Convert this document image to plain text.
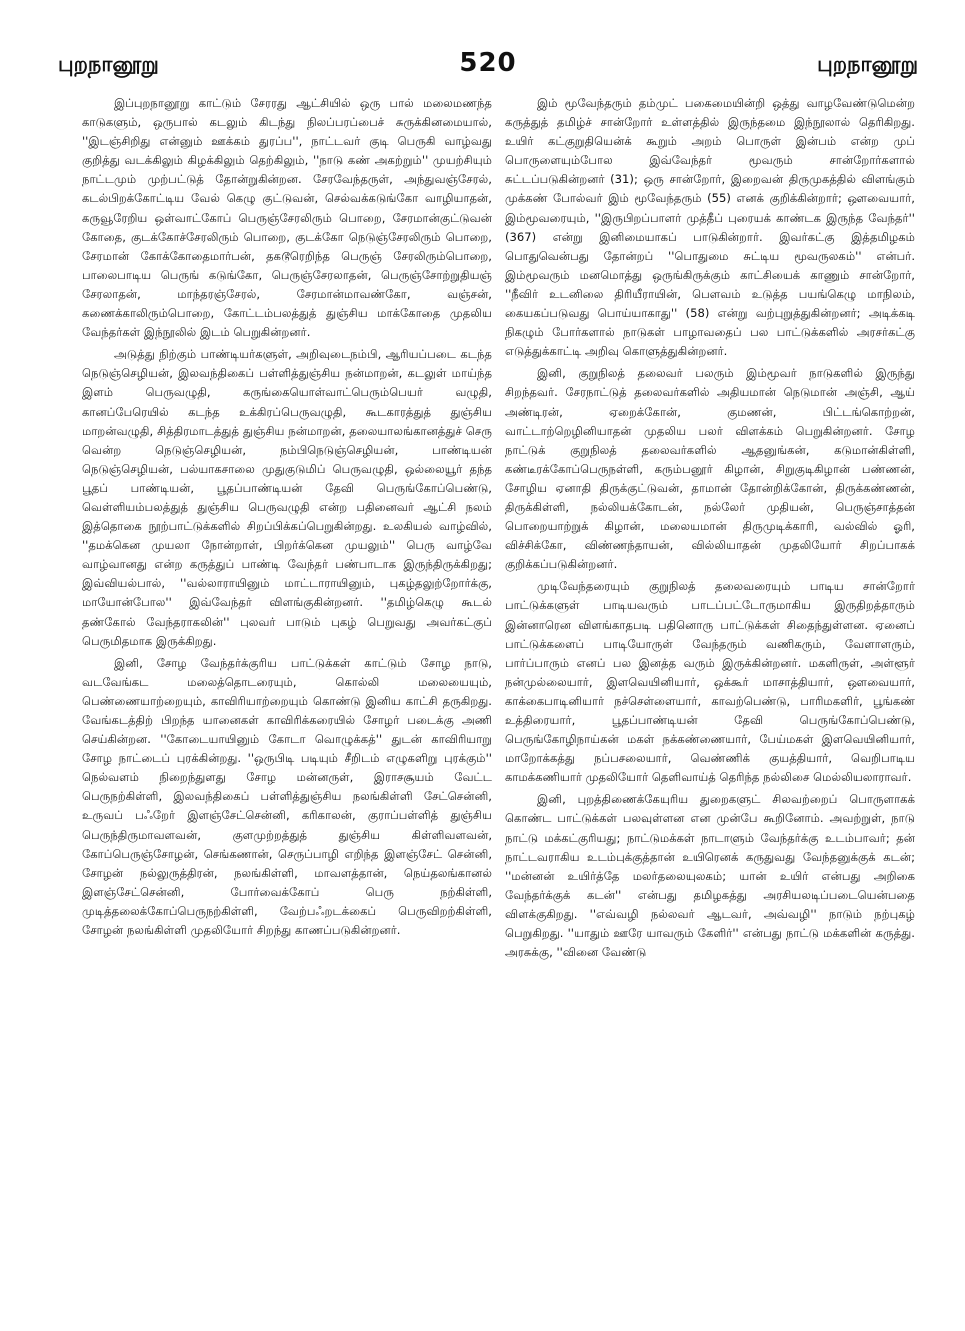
புறநானூறு	520	புறநானூறு

இப்புறநானூறு காட்டும் சேரரது ஆட்சியில் ஒரு பால் மலைமணந்த காடுகளும், ஒருபால் கடலும் கிடந்து நிலப்பரப்பைச் சுருக்கினமையால், ''இடஞ்சிறிது என்னும் ஊக்கம் துரப்ப'', நாட்டவர் குடி பெருகி வாழ்வது குறித்து வடக்கிலும் கிழக்கிலும் தெற்கிலும், ''நாடு கண் அகற்றும்'' முயற்சியும் நாட்டமும் முற்பட்டுத் தோன்றுகின்றன. சேரவேந்தருள், அந்துவஞ்சேரல், கடல்பிறக்கோட்டிய வேல் கெழு குட்டுவன், செல்வக்கடுங்கோ வாழியாதன், கருவூரேறிய ஒள்வாட்கோப் பெருஞ்சேரலிரும் பொறை, சேரமான்குட்டுவன் கோதை, குடக்கோச்சேரலிரும் பொறை, குடக்கோ நெடுஞ்சேரலிரும் பொறை, சேரமான் கோக்கோதைமார்பன், தகடூரெறிந்த பெருஞ் சேரலிரும்பொறை, பாலைபாடிய பெருங் கடுங்கோ, பெருஞ்சேரலாதன், பெருஞ்சோற்றுதியஞ் சேரலாதன், மாந்தரஞ்சேரல், சேரமான்மாவண்கோ, வஞ்சன், கணைக்காலிரும்பொறை, கோட்டம்பலத்துத் துஞ்சிய மாக்கோதை முதலிய வேந்தர்கள் இந்நூலில் இடம் பெறுகின்றனர்.

அடுத்து நிற்கும் பாண்டியர்களுள், அறிவுடைநம்பி, ஆரியப்படை கடந்த நெடுஞ்செழியன், இலவந்திகைப் பள்ளித்துஞ்சிய நன்மாறன், கடலுள் மாய்ந்த இளம் பெருவழுதி, கருங்கையொள்வாட்பெரும்பெயர் வழுதி, கானப்பேரெயில் கடந்த உக்கிரப்பெருவழுதி, கூடகாரத்துத் துஞ்சிய மாறன்வழுதி, சித்திரமாடத்துத் துஞ்சிய நன்மாறன், தலையாலங்கானத்துச் செரு வென்ற நெடுஞ்செழியன், நம்பிநெடுஞ்செழியன், பாண்டியன் நெடுஞ்செழியன், பல்யாகசாலை முதுகுடுமிப் பெருவழுதி, ஒல்லையூர் தந்த பூதப் பாண்டியன், பூதப்பாண்டியன் தேவி பெருங்கோப்பெண்டு, வெள்ளியம்பலத்துத் துஞ்சிய பெருவழுதி என்ற பதினைவர் ஆட்சி நலம் இத்தொகை நூற்பாட்டுக்களில் சிறப்பிக்கப்பெறுகின்றது. உலகியல் வாழ்வில், ''தமக்கென முயலா நோன்றாள், பிறர்க்கென முயலும்'' பெரு வாழ்வே வாழ்வானது என்ற கருத்துப் பாண்டி வேந்தர் பண்பாடாக இருந்திருக்கிறது; இவ்வியல்பால், ''வல்லாராயினும் மாட்டாராயினும், புகழ்தலுற்றோர்க்கு, மாயோன்போல'' இவ்வேந்தர் விளங்குகின்றனர். ''தமிழ்கெழு கூடல் தண்கோல் வேந்தராகலின்'' புலவர் பாடும் புகழ் பெறுவது அவர்கட்குப் பெருமிதமாக இருக்கிறது.

இனி, சோழ வேந்தர்க்குரிய பாட்டுக்கள் காட்டும் சோழ நாடு, வடவேங்கட மலைத்தொடரையும், கொல்லி மலையையும், பெண்ணையாற்றையும், காவிரியாற்றையும் கொண்டு இனிய காட்சி தருகிறது. வேங்கடத்திற் பிறந்த யானைகள் காவிரிக்கரையில் சோழர் படைக்கு அணி செய்கின்றன. ''கோடையாயினும் கோடா வொழுக்கத்'' துடன் காவிரியாறு சோழ நாட்டைப் புரக்கின்றது. ''ஒருபிடி படியும் சீறிடம் எழுகளிறு புரக்கும்'' நெல்வளம் நிறைந்துளது சோழ மன்னருள், இராசசூயம் வேட்ட பெருநற்கிள்ளி, இலவந்திகைப் பள்ளித்துஞ்சிய நலங்கிள்ளி சேட்சென்னி, உருவப் பஃறேர் இளஞ்சேட்சென்னி, கரிகாலன், குராப்பள்ளித் துஞ்சிய பெருந்திருமாவளவன், குளமுற்றத்துத் துஞ்சிய கிள்ளிவளவன், கோப்பெருஞ்சோழன், செங்கணான், செருப்பாழி எறிந்த இளஞ்சேட் சென்னி, சோழன் நல்லுருத்திரன், நலங்கிள்ளி, மாவளத்தான், நெய்தலங்கானல் இளஞ்சேட்சென்னி, போர்வைக்கோப் பெரு நற்கிள்ளி, முடித்தலைக்கோப்பெருநற்கிள்ளி, வேற்பஃறடக்கைப் பெருவிறற்கிள்ளி, சோழன் நலங்கிள்ளி முதலியோர் சிறந்து காணப்படுகின்றனர்.

இம் மூவேந்தரும் தம்முட் பகைமையின்றி ஒத்து வாழவேண்டுமென்ற கருத்துத் தமிழ்ச் சான்றோர் உள்ளத்தில் இருந்தமை இந்நூலால் தெரிகிறது. உயிர் கட்குறுதியென்க் கூறும் அறம் பொருள் இன்பம் என்ற முப் பொருளையும்போல இவ்வேந்தர் மூவரும் சான்றோர்களால் சுட்டப்படுகின்றனர் (31); ஒரு சான்றோர், இறைவன் திருமுகத்தில் விளங்கும் முக்கண் போல்வர் இம் மூவேந்தரும் (55) எனக் குறிக்கின்றார்; ஔவையார், இம்மூவரையும், ''இருபிறப்பாளர் முத்தீப் புரையக் காண்டக இருந்த வேந்தர்'' (367) என்று இனிமையாகப் பாடுகின்றார். இவர்கட்கு இத்தமிழகம் பொதுவென்பது தோன்றப் ''பொதுமை சுட்டிய மூவருலகம்'' என்பர். இம்மூவரும் மனமொத்து ஒருங்கிருக்கும் காட்சியைக் காணும் சான்றோர், ''நீவிர் உடனிலை திரியீராயின், பௌவம் உடுத்த பயங்கெழு மாநிலம், கையகப்படுவது பொய்யாகாது'' (58) என்று வற்புறுத்துகின்றனர்; அடிக்கடி நிகழும் போர்களால் நாடுகள் பாழாவதைப் பல பாட்டுக்களில் அரசர்கட்கு எடுத்துக்காட்டி அறிவு கொளுத்துகின்றனர்.

இனி, குறுநிலத் தலைவர் பலரும் இம்மூவர் நாடுகளில் இருந்து சிறந்தவர். சேரநாட்டுத் தலைவர்களில் அதியமான் நெடுமான் அஞ்சி, ஆய் அண்டிரன், ஏறைக்கோன், குமணன், பிட்டங்கொற்றன், வாட்டாற்றெழினியாதன் முதலிய பலர் விளக்கம் பெறுகின்றனர். சோழ நாட்டுக் குறுநிலத் தலைவர்களில் ஆதனுங்கன், கடுமான்கிள்ளி, கண்டீரக்கோப்பெருநள்ளி, கரும்பனூர் கிழான், சிறுகுடிகிழான் பண்ணன், சோழிய ஏனாதி திருக்குட்டுவன், தாமான் தோன்றிக்கோன், திருக்கண்ணன், திருக்கிள்ளி, நல்லியக்கோடன், நல்லேர் முதியன், பெருஞ்சாத்தன் பொறையாற்றுக் கிழான், மலையமான் திருமுடிக்காரி, வல்வில் ஓரி, விச்சிக்கோ, விண்ணந்தாயன், வில்லியாதன் முதலியோர் சிறப்பாகக் குறிக்கப்படுகின்றனர்.

முடிவேந்தரையும் குறுநிலத் தலைவரையும் பாடிய சான்றோர் பாட்டுக்களுள் பாடியவரும் பாடப்பட்டோருமாகிய இருதிறத்தாரும் இன்னாரென விளங்காதபடி பதினொரு பாட்டுக்கள் சிதைந்துள்ளன. ஏனைப் பாட்டுக்களைப் பாடியோருள் வேந்தரும் வணிகரும், வேளாளரும், பார்ப்பாரும் எனப் பல இனத்த வரும் இருக்கின்றனர். மகளிருள், அள்ளூர் நன்முல்லையார், இளவெயினியார், ஒக்கூர் மாசாத்தியார், ஔவையார், காக்கைபாடினியார் நச்செள்ளையார், காவற்பெண்டு, பாரிமகளிர், பூங்கண் உத்திரையார், பூதப்பாண்டியன் தேவி பெருங்கோப்பெண்டு, பெருங்கோழிநாய்கன் மகள் நக்கண்ணையார், பேய்மகள் இளவெயினியார், மாறோக்கத்து நப்பசலையார், வெண்ணிக் குயத்தியார், வெறிபாடிய காமக்கணியார் முதலியோர் தெளிவாய்த் தெரிந்த நல்லிசை மெல்லியலாராவர்.

இனி, புறத்திணைக்கேயுரிய துறைகளுட் சிலவற்றைப் பொருளாகக் கொண்ட பாட்டுக்கள் பலவுள்ளன என முன்பே கூறினோம். அவற்றுள், நாடு நாட்டு மக்கட்குரியது; நாட்டுமக்கள் நாடாளும் வேந்தர்க்கு உடம்பாவர்; தன் நாட்டவராகிய உடம்புக்குத்தான் உயிரெனக் கருதுவது வேந்தனுக்குக் கடன்; ''மன்னன் உயிர்த்தே மலர்தலையுலகம்; யான் உயிர் என்பது அறிகை வேந்தர்க்குக் கடன்'' என்பது தமிழகத்து அரசியலடிப்படையென்பதை விளக்குகிறது. ''எவ்வழி நல்லவர் ஆடவர், அவ்வழி'' நாடும் நற்புகழ் பெறுகிறது. ''யாதும் ஊரே யாவரும் கேளிர்'' என்பது நாட்டு மக்களின் கருத்து. அரசுக்கு, ''வினை வேண்டு
